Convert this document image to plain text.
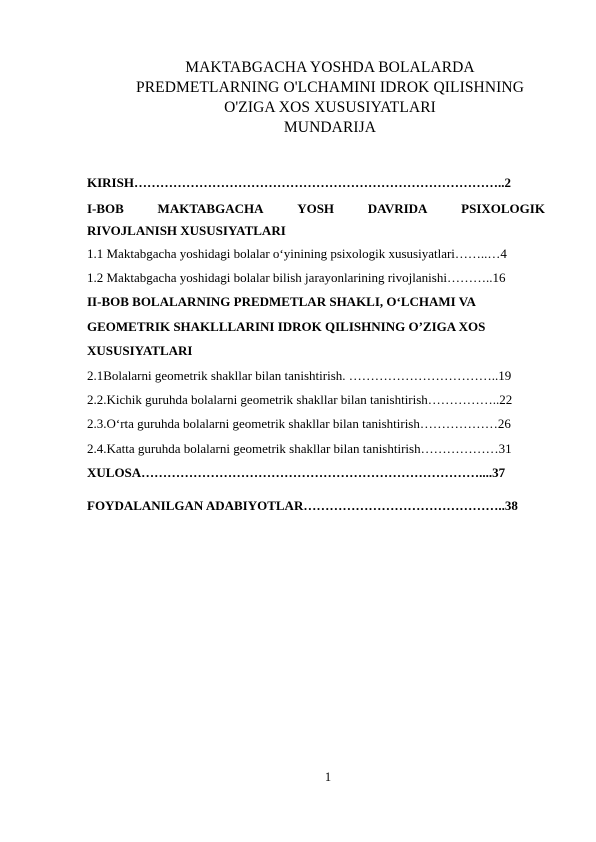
MAKTABGACHA YOSHDA BOLALARDA
PREDMETLARNING O'LCHAMINI IDROK QILISHNING
O'ZIGA XOS XUSUSIYATLARI
MUNDARIJA
KIRISH…………………………………………………………………………..2
I-BOB	MAKTABGACHA	YOSH	DAVRIDA	PSIXOLOGIK
RIVOJLANISH XUSUSIYATLARI
1.1 Maktabgacha yoshidagi bolalar o‘yinining psixologik xususiyatlari……..…4
1.2 Maktabgacha yoshidagi bolalar bilish jarayonlarining rivojlanishi………..16
II-BOB BOLALARNING PREDMETLAR SHAKLI, O‘LCHAMI VA
GEOMETRIK SHAKLLLARINI IDROK QILISHNING O’ZIGA XOS
XUSUSIYATLARI
2.1Bolalarni geometrik shakllar bilan tanishtirish. ……………………………..19
2.2.Kichik guruhda bolalarni geometrik shakllar bilan tanishtirish……………..22
2.3.O‘rta guruhda bolalarni geometrik shakllar bilan tanishtirish………………26
2.4.Katta guruhda bolalarni geometrik shakllar bilan tanishtirish………………31
XULOSA……………………………………………………………………....37
FOYDALANILGAN ADABIYOTLAR………………………………………..38
1
